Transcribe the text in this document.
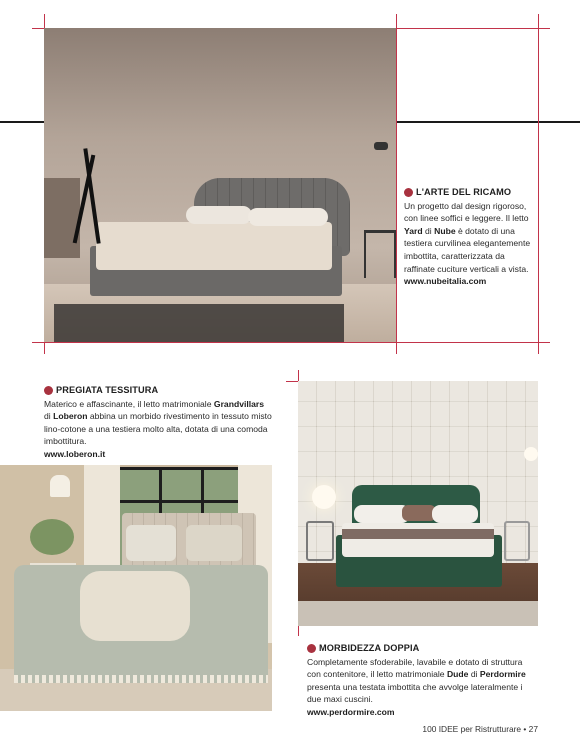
L'ARTE DEL RICAMO
Un progetto dal design rigoroso,
con linee soffici e leggere. Il letto
Yard di Nube è dotato di una
testiera curvilinea elegantemente
imbottita, caratterizzata da
raffinate cuciture verticali a vista.
www.nubeitalia.com
PREGIATA TESSITURA
Materico e affascinante, il letto matrimoniale Grandvillars
di Loberon abbina un morbido rivestimento in tessuto misto
lino-cotone a una testiera molto alta, dotata di una comoda
imbottitura.
www.loberon.it
MORBIDEZZA DOPPIA
Completamente sfoderabile, lavabile e dotato di struttura
con contenitore, il letto matrimoniale Dude di Perdormire
presenta una testata imbottita che avvolge lateralmente i
due maxi cuscini.
www.perdormire.com
100 IDEE per Ristrutturare • 27
